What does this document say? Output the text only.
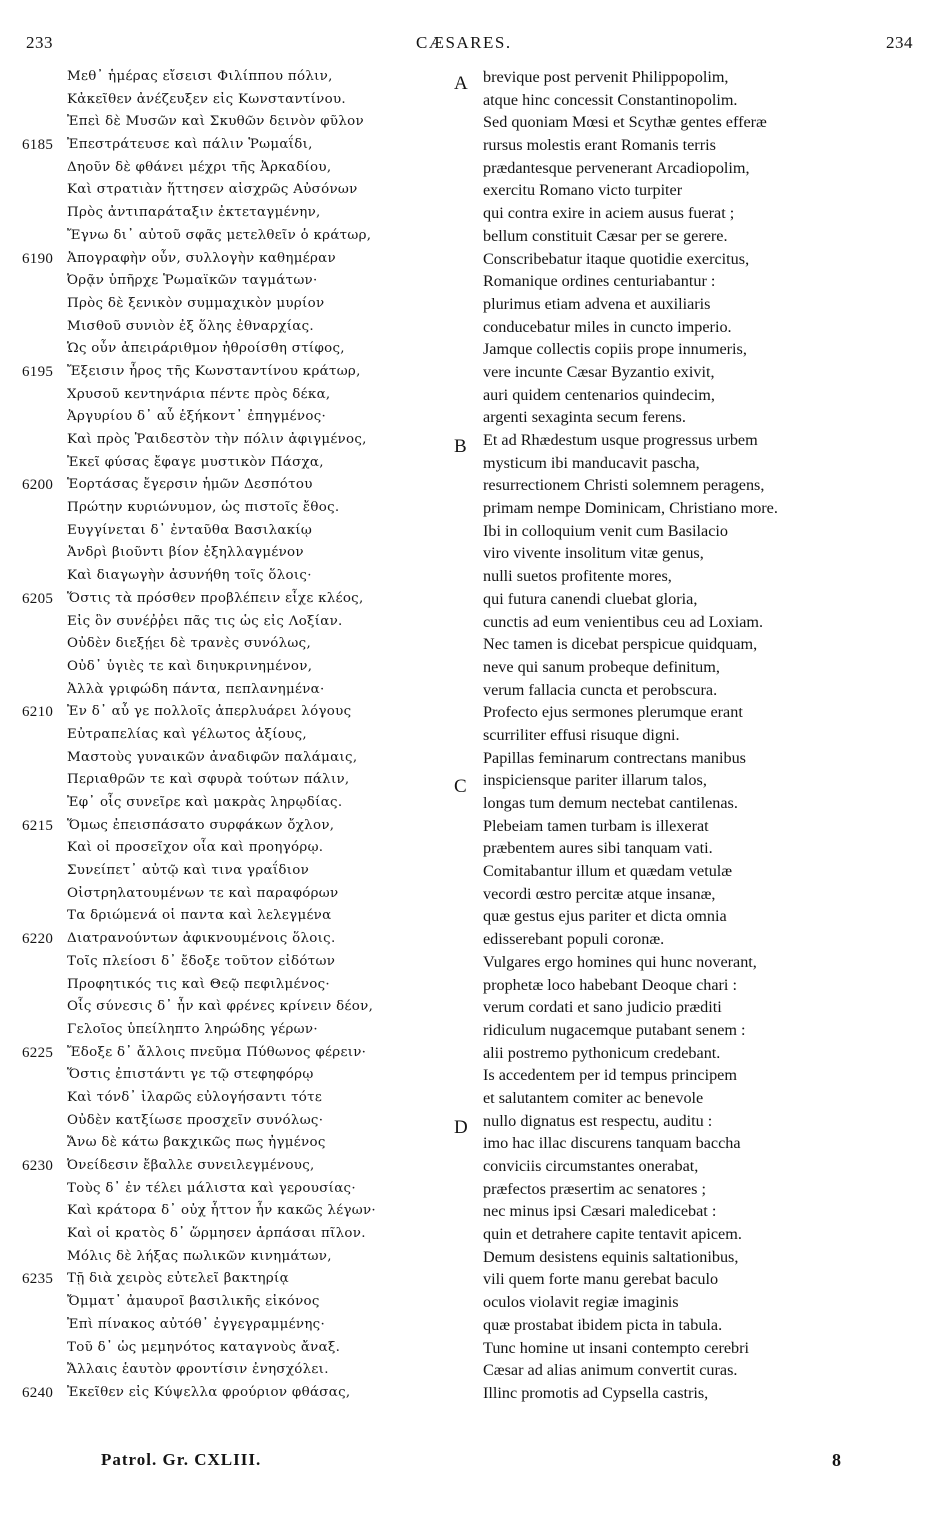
233	CÆSARES.	234
Μεθ᾽ ἡμέρας εἴσεισι Φιλίππου πόλιν,
Κἀκεῖθεν ἀνέζευξεν εἰς Κωνσταντίνου.
Ἐπεὶ δὲ Μυσῶν καὶ Σκυθῶν δεινὸν φῦλον
6185 Ἐπεστράτευσε καὶ πάλιν Ῥωμαΐδι,
Δηοῦν δὲ φθάνει μέχρι τῆς Ἀρκαδίου,
Καὶ στρατιὰν ἥττησεν αἰσχρῶς Αὐσόνων
Πρὸς ἀντιπαράταξιν ἐκτεταγμένην,
Ἔγνω δι᾽ αὐτοῦ σφᾶς μετελθεῖν ὁ κράτωρ,
6190 Ἀπογραφὴν οὖν, συλλογὴν καθημέραν
Ὀρᾷν ὑπῆρχε Ῥωμαϊκῶν ταγμάτων·
Πρὸς δὲ ξενικὸν συμμαχικὸν μυρίον
Μισθοῦ συνιὸν ἐξ ὅλης ἐθναρχίας.
Ὡς οὖν ἀπειράριθμον ἠθροίσθη στίφος,
6195 Ἔξεισιν ἦρος τῆς Κωνσταντίνου κράτωρ,
Χρυσοῦ κεντηνάρια πέντε πρὸς δέκα,
Ἀργυρίου δ᾽ αὖ ἑξήκοντ᾽ ἐπηγμένος·
Καὶ πρὸς Ῥαιδεστὸν τὴν πόλιν ἀφιγμένος,
Ἐκεῖ φύσας ἔφαγε μυστικὸν Πάσχα,
6200 Ἑορτάσας ἔγερσιν ἡμῶν Δεσπότου
Πρώτην κυριώνυμον, ὡς πιστοῖς ἔθος.
Ευγγίνεται δ᾽ ἐνταῦθα Βασιλακίῳ
Ἀνδρὶ βιοῦντι βίον ἐξηλλαγμένον
Καὶ διαγωγὴν ἀσυνήθη τοῖς ὅλοις·
6205 Ὅστις τὰ πρόσθεν προβλέπειν εἶχε κλέος,
Εἰς ὃν συνέῤῥει πᾶς τις ὡς εἰς Λοξίαν.
Οὐδὲν διεξῄει δὲ τρανὲς συνόλως,
Οὐδ᾽ ὑγιὲς τε καὶ διηυκρινημένον,
Ἀλλὰ γριφώδη πάντα, πεπλανημένα·
6210 Ἐν δ᾽ αὖ γε πολλοῖς ἀπερλυάρει λόγους
Εὐτραπελίας καὶ γέλωτος ἀξίους,
Μαστοὺς γυναικῶν ἀναδιφῶν παλάμαις,
Περιαθρῶν τε καὶ σφυρὰ τούτων πάλιν,
Ἐφ᾽ οἷς συνεῖρε καὶ μακρὰς ληρῳδίας.
6215 Ὅμως ἐπεισπάσατο συρφάκων ὄχλον,
Καὶ οἱ προσεῖχον οἷα καὶ προηγόρῳ.
Συνείπετ᾽ αὐτῷ καὶ τινα γραΐδιον
Οἰστρηλατουμένων τε καὶ παραφόρων
Τα δριώμενά οἱ παντα καὶ λελεγμένα
6220 Διατρανούντων ἀφικνουμένοις ὅλοις.
Τοῖς πλείοσι δ᾽ ἔδοξε τοῦτον εἰδότων
Προφητικός τις καὶ Θεῷ πεφιλμένος·
Οἷς σύνεσις δ᾽ ἦν καὶ φρένες κρίνειν δέον,
Γελοῖος ὑπείληπτο ληρώδης γέρων·
6225 Ἔδοξε δ᾽ ἄλλοις πνεῦμα Πύθωνος φέρειν·
Ὅστις ἐπιστάντι γε τῷ στεφηφόρῳ
Καὶ τόνδ᾽ ἱλαρῶς εὐλογήσαντι τότε
Οὐδὲν κατξίωσε προσχεῖν συνόλως·
Ἄνω δὲ κάτω βακχικῶς πως ἠγμένος
6230 Ὀνείδεσιν ἔβαλλε συνειλεγμένους,
Τοὺς δ᾽ ἐν τέλει μάλιστα καὶ γερουσίας·
Καὶ κράτορα δ᾽ οὐχ ἧττον ἦν κακῶς λέγων·
Καὶ οἱ κρατὸς δ᾽ ὥρμησεν ἁρπάσαι πῖλον.
Μόλις δὲ λήξας πωλικῶν κινημάτων,
6235 Τῇ διὰ χειρὸς εὐτελεῖ βακτηρίᾳ
Ὄμματ᾽ ἀμαυροῖ βασιλικῆς εἰκόνος
Ἐπὶ πίνακος αὐτόθ᾽ ἐγγεγραμμένης·
Τοῦ δ᾽ ὡς μεμηνότος καταγνοὺς ἄναξ.
Ἄλλαις ἑαυτὸν φροντίσιν ἐνησχόλει.
6240 Ἐκεῖθεν εἰς Κύψελλα φρούριον φθάσας,
A brevique post pervenit Philippopolim,
atque hinc concessit Constantinopolim.
Sed quoniam Mœsi et Scythæ gentes efferæ
rursus molestis erant Romanis terris
prædantesque pervenerant Arcadiopolim,
exercitu Romano victo turpiter
qui contra exire in aciem ausus fuerat ;
bellum constituit Cæsar per se gerere.
Conscribebatur itaque quotidie exercitus,
Romanique ordines centuriabantur :
plurimus etiam advena et auxiliaris
conducebatur miles in cuncto imperio.
Jamque collectis copiis prope innumeris,
vere incunte Cæsar Byzantio exivit,
auri quidem centenarios quindecim,
argenti sexaginta secum ferens.
B Et ad Rhædestum usque progressus urbem
mysticum ibi manducavit pascha,
resurrectionem Christi solemnem peragens,
primam nempe Dominicam, Christiano more.
Ibi in colloquium venit cum Basilacio
viro vivente insolitum vitæ genus,
nulli suetos profitente mores,
qui futura canendi cluebat gloria,
cunctis ad eum venientibus ceu ad Loxiam.
Nec tamen is dicebat perspicue quidquam,
neve qui sanum probeque definitum,
verum fallacia cuncta et perobscura.
Profecto ejus sermones plerumque erant
scurriliter effusi risuque digni.
Papillas feminarum contrectans manibus
C inspiciensque pariter illarum talos,
longas tum demum nectebat cantilenas.
Plebeiam tamen turbam is illexerat
præbentem aures sibi tanquam vati.
Comitabantur illum et quædam vetulæ
vecordi œstro percitæ atque insanæ,
quæ gestus ejus pariter et dicta omnia
edisserebant populi coronæ.
Vulgares ergo homines qui hunc noverant,
prophetæ loco habebant Deoque chari :
verum cordati et sano judicio præditi
ridiculum nugacemque putabant senem :
alii postremo pythonicum credebant.
Is accedentem per id tempus principem
et salutantem comiter ac benevole
D nullo dignatus est respectu, auditu :
imo hac illac discurens tanquam baccha
conviciis circumstantes onerabat,
præfectos præsertim ac senatores ;
nec minus ipsi Cæsari maledicebat :
quin et detrahere capite tentavit apicem.
Demum desistens equinis saltationibus,
vili quem forte manu gerebat baculo
oculos violavit regiæ imaginis
quæ prostabat ibidem picta in tabula.
Tunc homine ut insani contempto cerebri
Cæsar ad alias animum convertit curas.
Illinc promotis ad Cypsella castris,
Patrol. Gr. CXLIII.	8
